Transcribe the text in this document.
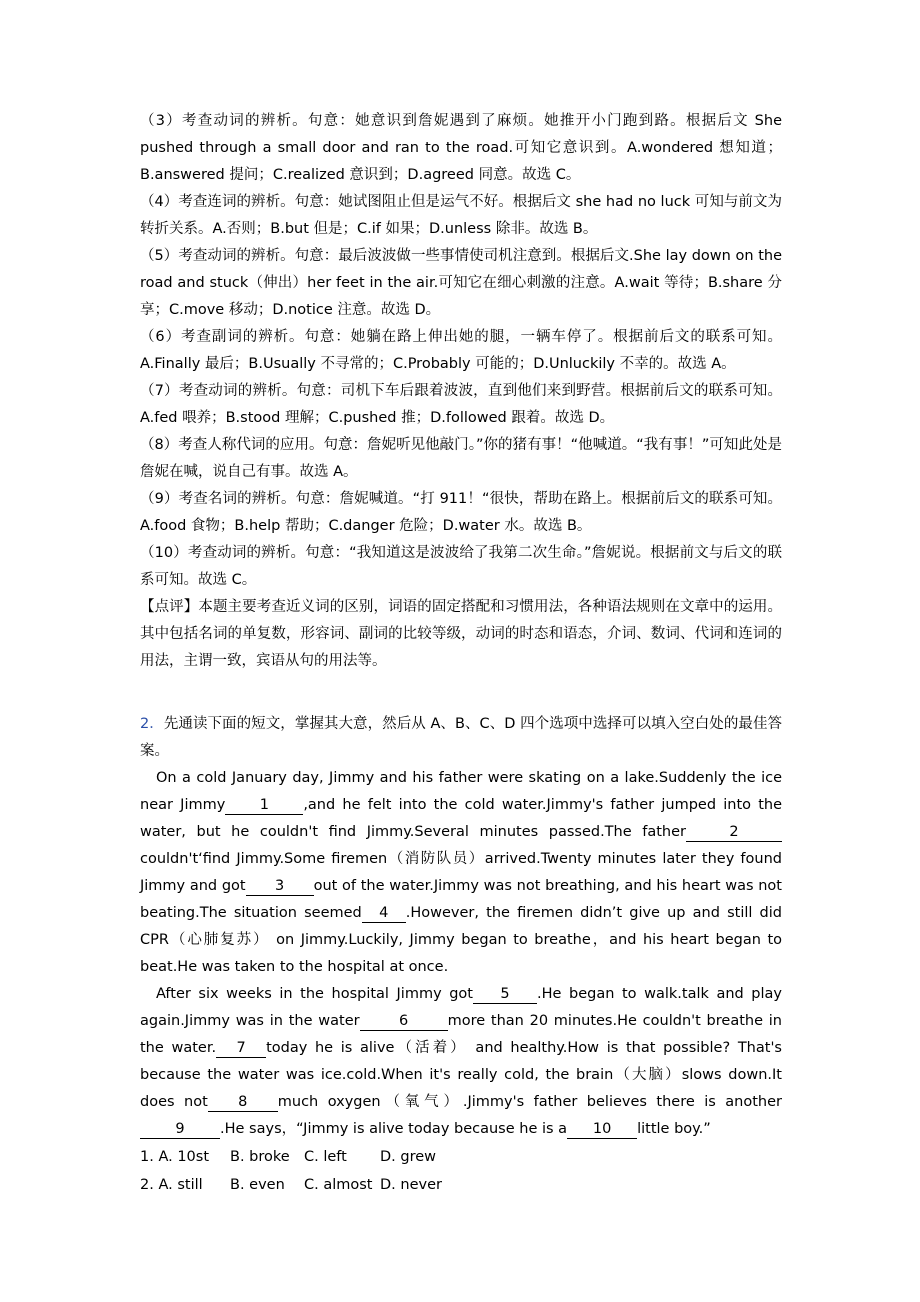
（3）考查动词的辨析。句意：她意识到詹妮遇到了麻烦。她推开小门跑到路。根据后文 She pushed through a small door and ran to the road.可知它意识到。A.wondered 想知道；B.answered 提问；C.realized 意识到；D.agreed 同意。故选 C。

（4）考查连词的辨析。句意：她试图阻止但是运气不好。根据后文 she had no luck 可知与前文为转折关系。A.否则；B.but 但是；C.if 如果；D.unless 除非。故选 B。

（5）考查动词的辨析。句意：最后波波做一些事情使司机注意到。根据后文.She lay down on the road and stuck（伸出）her feet in the air.可知它在细心刺激的注意。A.wait 等待；B.share 分享；C.move 移动；D.notice 注意。故选 D。

（6）考查副词的辨析。句意：她躺在路上伸出她的腿，一辆车停了。根据前后文的联系可知。A.Finally 最后；B.Usually 不寻常的；C.Probably 可能的；D.Unluckily 不幸的。故选 A。

（7）考查动词的辨析。句意：司机下车后跟着波波，直到他们来到野营。根据前后文的联系可知。A.fed 喂养；B.stood 理解；C.pushed 推；D.followed 跟着。故选 D。

（8）考查人称代词的应用。句意：詹妮听见他敲门。”你的猪有事！“他喊道。“我有事！”可知此处是詹妮在喊，说自己有事。故选 A。

（9）考查名词的辨析。句意：詹妮喊道。“打 911！“很快，帮助在路上。根据前后文的联系可知。A.food 食物；B.help 帮助；C.danger 危险；D.water 水。故选 B。

（10）考查动词的辨析。句意：“我知道这是波波给了我第二次生命。”詹妮说。根据前文与后文的联系可知。故选 C。

【点评】本题主要考查近义词的区别，词语的固定搭配和习惯用法，各种语法规则在文章中的运用。其中包括名词的单复数，形容词、副词的比较等级，动词的时态和语态，介词、数词、代词和连词的用法，主谓一致，宾语从句的用法等。

2．先通读下面的短文，掌握其大意，然后从 A、B、C、D 四个选项中选择可以填入空白处的最佳答案。

On a cold January day, Jimmy and his father were skating on a lake.Suddenly the ice near Jimmy 1 ,and he felt into the cold water.Jimmy's father jumped into the water, but he couldn't find Jimmy.Several minutes passed.The father	2couldn't‘find Jimmy.Some firemen（消防队员）arrived.Twenty minutes later they found Jimmy and got 3 out of the water.Jimmy was not breathing, and his heart was not beating.The situation seemed 4 .However, the firemen didn’t give up and still did CPR（心肺复苏） on Jimmy.Luckily, Jimmy began to breathe，and his heart began to beat.He was taken to the hospital at once.

After six weeks in the hospital Jimmy got 5 .He began to walk.talk and play again.Jimmy was in the water	6	more than 20 minutes.He couldn't breathe in the water. 7 today he is alive（活着） and healthy.How is that possible? That's because the water was ice.cold.When it's really cold, the brain（大脑）slows down.It does not 8 much oxygen（氧气）.Jimmy's father believes there is another9 .He says，“Jimmy is alive today because he is a 10 little boy.”

1. A. 10st B. broke C. left D. grew

2. A. still B. even C. almost D. never
